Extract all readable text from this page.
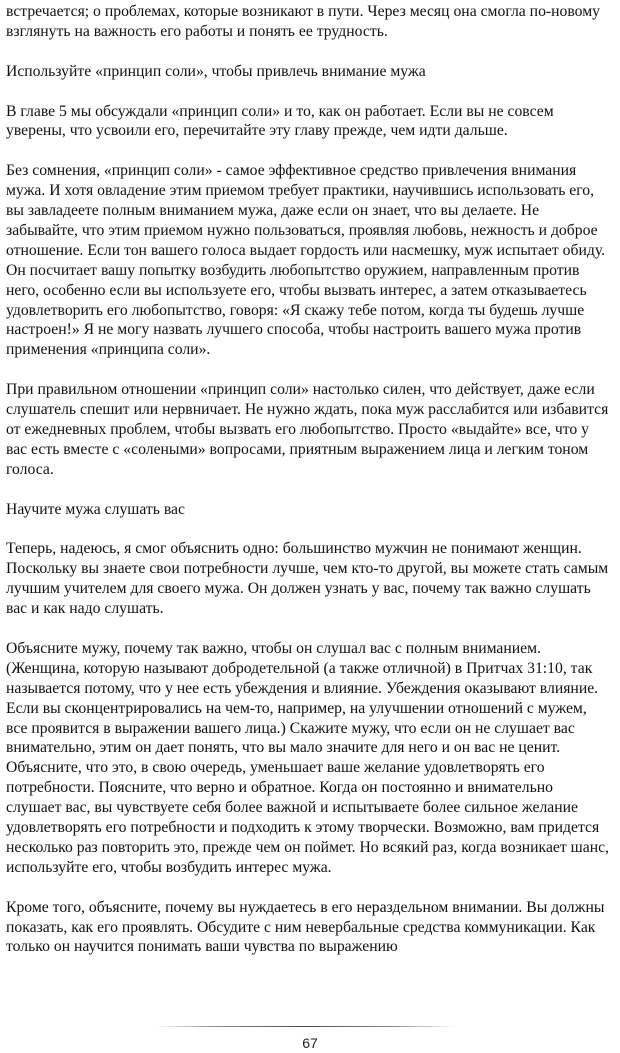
встречается; о проблемах, которые возникают в пути. Через месяц она смогла по-новому взглянуть на важность его работы и понять ее трудность.

Используйте «принцип соли», чтобы привлечь внимание мужа

В главе 5 мы обсуждали «принцип соли» и то, как он работает. Если вы не совсем уверены, что усвоили его, перечитайте эту главу прежде, чем идти дальше.

Без сомнения, «принцип соли» - самое эффективное средство привлечения внимания мужа. И хотя овладение этим приемом требует практики, научившись использовать его, вы завладеете полным вниманием мужа, даже если он знает, что вы делаете. Не забывайте, что этим приемом нужно пользоваться, проявляя любовь, нежность и доброе отношение. Если тон вашего голоса выдает гордость или насмешку, муж испытает обиду. Он посчитает вашу попытку возбудить любопытство оружием, направленным против него, особенно если вы используете его, чтобы вызвать интерес, а затем отказываетесь удовлетворить его любопытство, говоря: «Я скажу тебе потом, когда ты будешь лучше настроен!» Я не могу назвать лучшего способа, чтобы настроить вашего мужа против применения «принципа соли».

При правильном отношении «принцип соли» настолько силен, что действует, даже если слушатель спешит или нервничает. Не нужно ждать, пока муж расслабится или избавится от ежедневных проблем, чтобы вызвать его любопытство. Просто «выдайте» все, что у вас есть вместе с «солеными» вопросами, приятным выражением лица и легким тоном голоса.

Научите мужа слушать вас

Теперь, надеюсь, я смог объяснить одно: большинство мужчин не понимают женщин. Поскольку вы знаете свои потребности лучше, чем кто-то другой, вы можете стать самым лучшим учителем для своего мужа. Он должен узнать у вас, почему так важно слушать вас и как надо слушать.

Объясните мужу, почему так важно, чтобы он слушал вас с полным вниманием. (Женщина, которую называют добродетельной (а также отличной) в Притчах 31:10, так называется потому, что у нее есть убеждения и влияние. Убеждения оказывают влияние. Если вы сконцентрировались на чем-то, например, на улучшении отношений с мужем, все проявится в выражении вашего лица.) Скажите мужу, что если он не слушает вас внимательно, этим он дает понять, что вы мало значите для него и он вас не ценит. Объясните, что это, в свою очередь, уменьшает ваше желание удовлетворять его потребности. Поясните, что верно и обратное. Когда он постоянно и внимательно слушает вас, вы чувствуете себя более важной и испытываете более сильное желание удовлетворять его потребности и подходить к этому творчески. Возможно, вам придется несколько раз повторить это, прежде чем он поймет. Но всякий раз, когда возникает шанс, используйте его, чтобы возбудить интерес мужа.

Кроме того, объясните, почему вы нуждаетесь в его нераздельном внимании. Вы должны показать, как его проявлять. Обсудите с ним невербальные средства коммуникации. Как только он научится понимать ваши чувства по выражению

67
